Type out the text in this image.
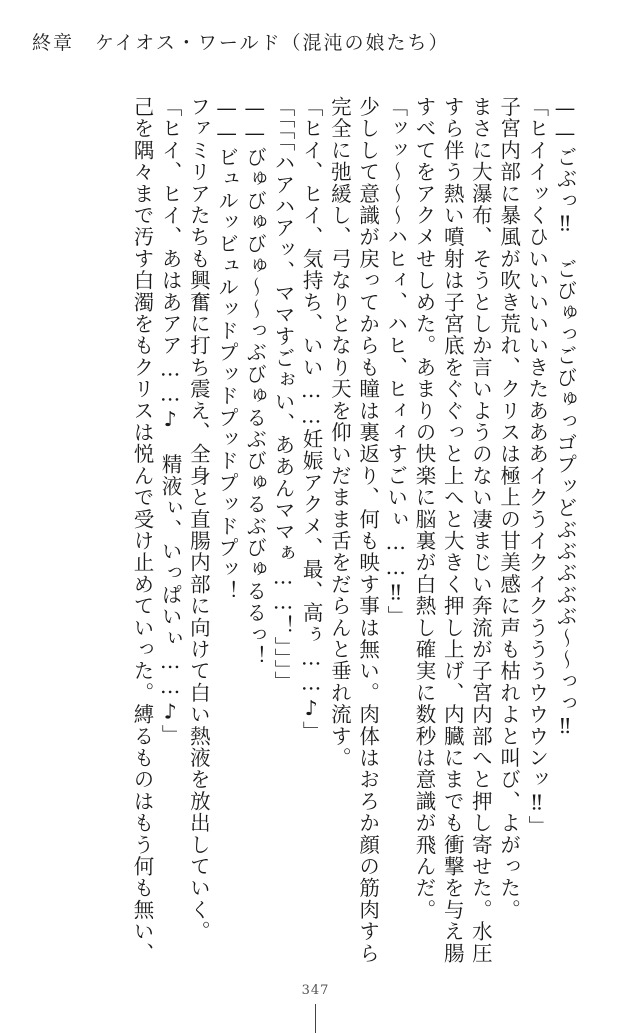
終章　ケイオス・ワールド（混沌の娘たち）

——ごぶっ‼　ごびゅっごびゅっゴプッどぶぶぶぶぶ～～っっ‼

「ヒイイッくひいいいいいきたあああイクうイクイクうううウウウンッ‼」

子宮内部に暴風が吹き荒れ、クリスは極上の甘美感に声も枯れよと叫び、よがった。

まさに大瀑布、そうとしか言いようのない凄まじい奔流が子宮内部へと押し寄せた。水圧すら伴う熱い噴射は子宮底をぐぐっと上へと大きく押し上げ、内臓にまでも衝撃を与え腸すべてをアクメせしめた。あまりの快楽に脳裏が白熱し確実に数秒は意識が飛んだ。

「ッッ～～～ハヒィ、ハヒ、ヒィィすごいぃ……‼」

少しして意識が戻ってからも瞳は裏返り、何も映す事は無い。肉体はおろか顔の筋肉すら完全に弛緩し、弓なりとなり天を仰いだまま舌をだらんと垂れ流す。

「ヒイ、ヒイ、気持ち、いい……妊娠アクメ、最、高ぅ……♪」

「「「「ハアハアッ、ママすごぉい、ああんママぁ……！」」」」

——びゅびゅびゅ～～っぶびゅるぶびゅるぶびゅるるっ！

——ビュルッビュルッドプッドプッドプッドプッ！

ファミリアたちも興奮に打ち震え、全身と直腸内部に向けて白い熱液を放出していく。

「ヒイ、ヒイ、あはあアア……♪　精液ぃ、いっぱいぃ……♪」

己を隅々まで汚す白濁をもクリスは悦んで受け止めていった。縛るものはもう何も無い、

347
